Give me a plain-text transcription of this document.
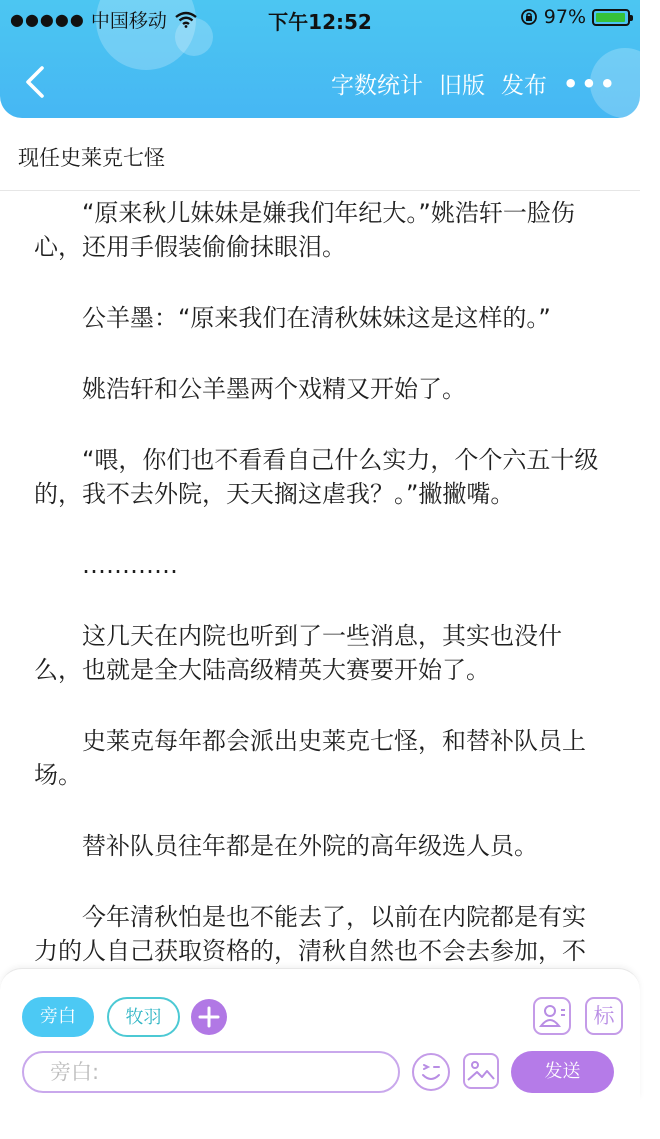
●●●●● 中国移动	下午12:52	97%
字数统计 旧版 发布 •••
现任史莱克七怪

“原来秋儿妹妹是嫌我们年纪大。”姚浩轩一脸伤心，还用手假装偷偷抹眼泪。

公羊墨：“原来我们在清秋妹妹这是这样的。”

姚浩轩和公羊墨两个戏精又开始了。

“喂，你们也不看看自己什么实力，个个六五十级的，我不去外院，天天搁这虐我？。”撇撇嘴。

…………

这几天在内院也听到了一些消息，其实也没什么，也就是全大陆高级精英大赛要开始了。

史莱克每年都会派出史莱克七怪，和替补队员上场。

替补队员往年都是在外院的高年级选人员。

今年清秋怕是也不能去了，以前在内院都是有实力的人自己获取资格的，清秋自然也不会去参加，不

旁白	牧羽	标
旁白:	发送
